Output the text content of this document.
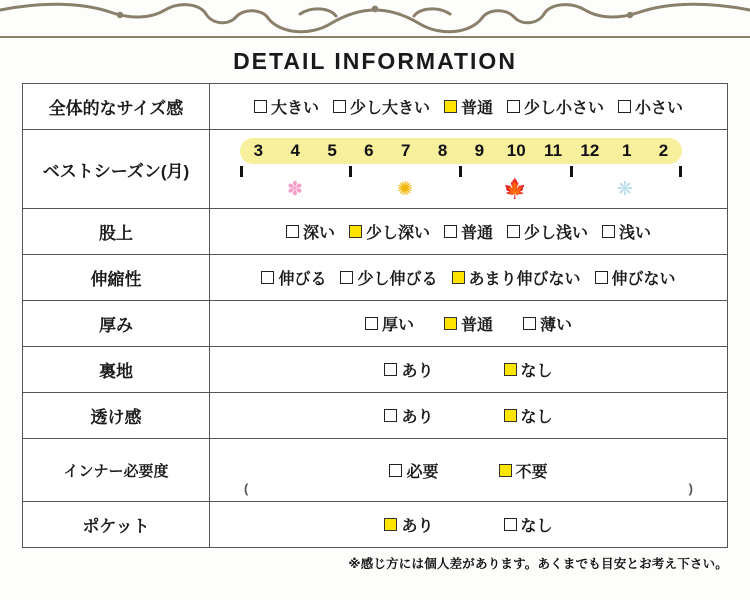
DETAIL INFORMATION
全体的なサイズ感	大きい 少し大きい 普通 少し小さい 小さい

ベストシーズン(月)	
3	4	5	6	7	8	9	10	11	12	1	2
✽	✺	🍁	❋

股上	深い 少し深い 普通 少し浅い 浅い

伸縮性	伸びる 少し伸びる あまり伸びない 伸びない

厚み	厚い 普通 薄い

裏地	あり なし

透け感	あり なし

インナー必要度	必要 不要
( )

ポケット	あり なし
※感じ方には個人差があります。あくまでも目安とお考え下さい。
